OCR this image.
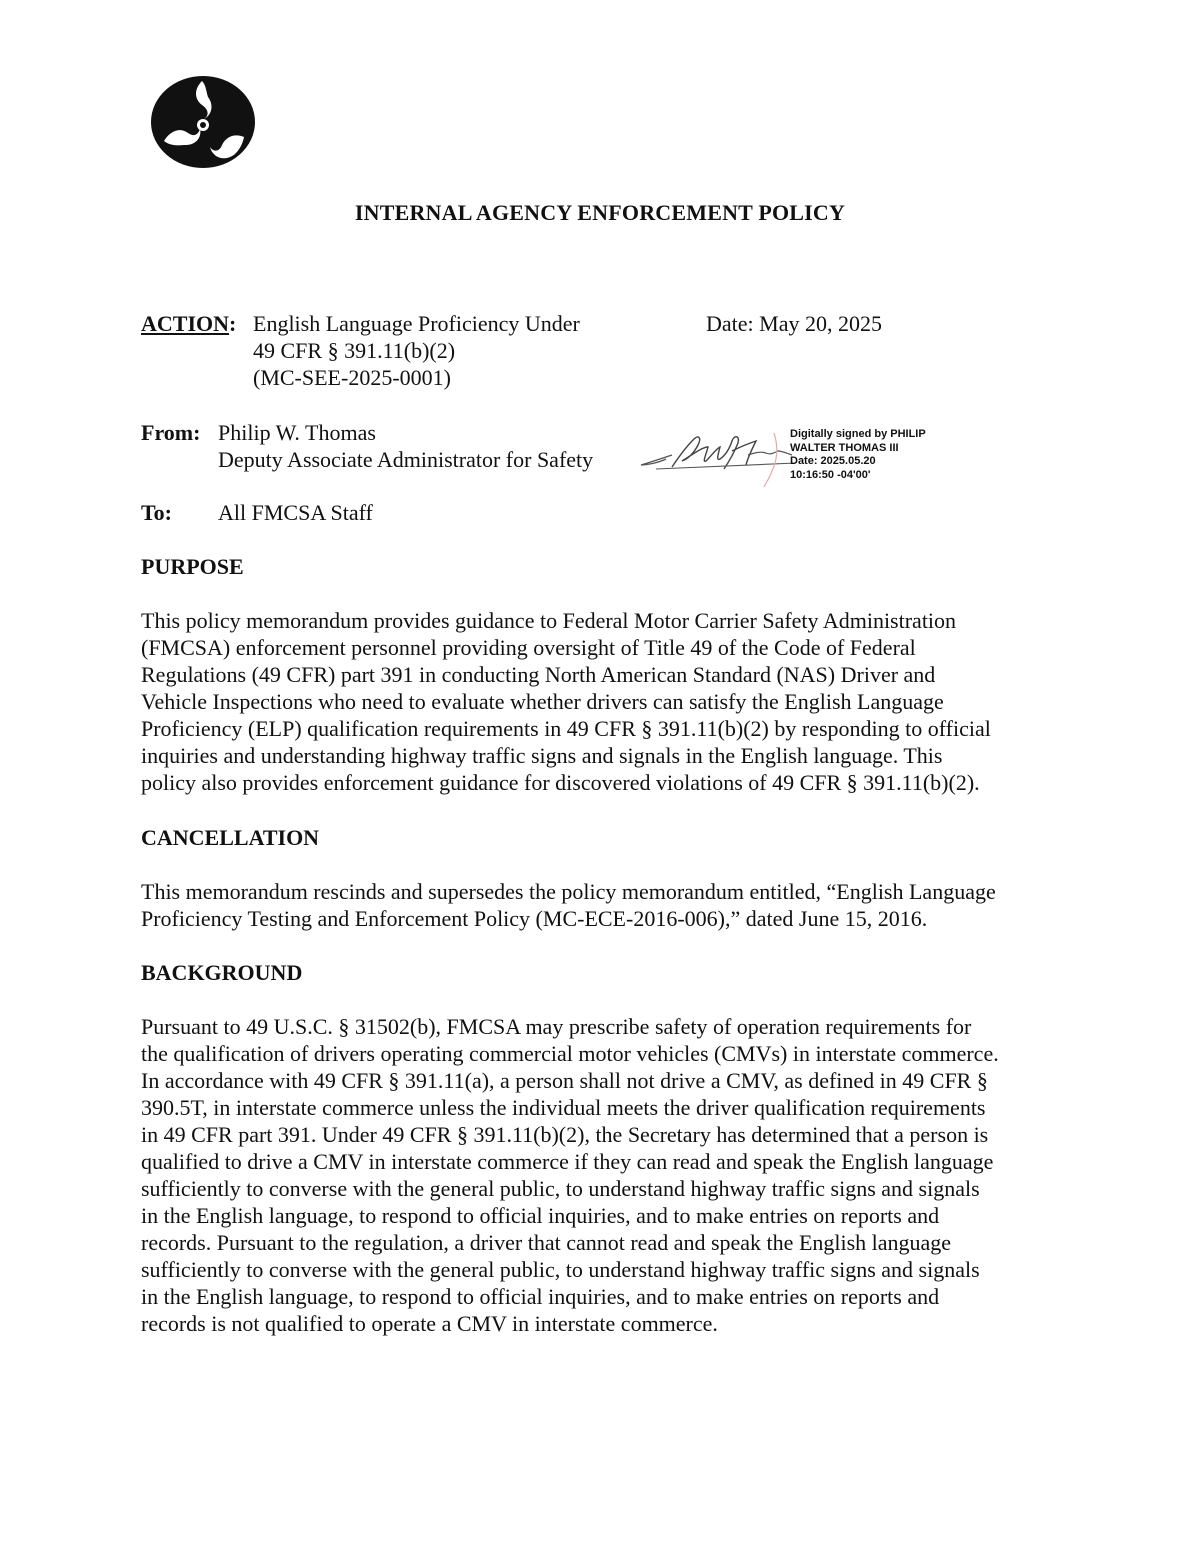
INTERNAL AGENCY ENFORCEMENT POLICY
ACTION: English Language Proficiency Under
49 CFR § 391.11(b)(2)
(MC-SEE-2025-0001)
Date: May 20, 2025
From: Philip W. Thomas
Deputy Associate Administrator for Safety
Digitally signed by PHILIP
WALTER THOMAS III
Date: 2025.05.20
10:16:50 -04'00'
To: All FMCSA Staff
PURPOSE
This policy memorandum provides guidance to Federal Motor Carrier Safety Administration
(FMCSA) enforcement personnel providing oversight of Title 49 of the Code of Federal
Regulations (49 CFR) part 391 in conducting North American Standard (NAS) Driver and
Vehicle Inspections who need to evaluate whether drivers can satisfy the English Language
Proficiency (ELP) qualification requirements in 49 CFR § 391.11(b)(2) by responding to official
inquiries and understanding highway traffic signs and signals in the English language. This
policy also provides enforcement guidance for discovered violations of 49 CFR § 391.11(b)(2).
CANCELLATION
This memorandum rescinds and supersedes the policy memorandum entitled, “English Language
Proficiency Testing and Enforcement Policy (MC-ECE-2016-006),” dated June 15, 2016.
BACKGROUND
Pursuant to 49 U.S.C. § 31502(b), FMCSA may prescribe safety of operation requirements for
the qualification of drivers operating commercial motor vehicles (CMVs) in interstate commerce.
In accordance with 49 CFR § 391.11(a), a person shall not drive a CMV, as defined in 49 CFR §
390.5T, in interstate commerce unless the individual meets the driver qualification requirements
in 49 CFR part 391. Under 49 CFR § 391.11(b)(2), the Secretary has determined that a person is
qualified to drive a CMV in interstate commerce if they can read and speak the English language
sufficiently to converse with the general public, to understand highway traffic signs and signals
in the English language, to respond to official inquiries, and to make entries on reports and
records. Pursuant to the regulation, a driver that cannot read and speak the English language
sufficiently to converse with the general public, to understand highway traffic signs and signals
in the English language, to respond to official inquiries, and to make entries on reports and
records is not qualified to operate a CMV in interstate commerce.
